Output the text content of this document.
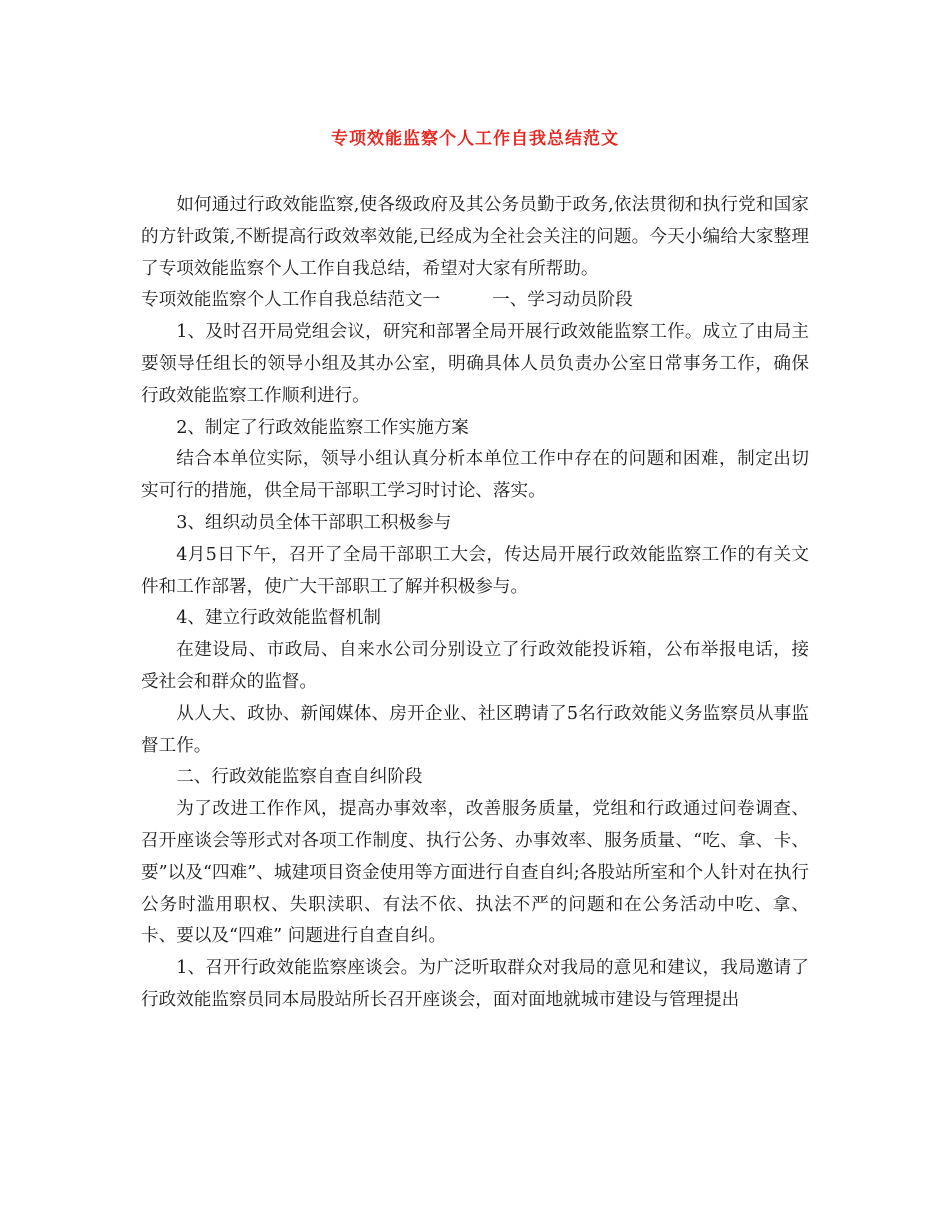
专项效能监察个人工作自我总结范文

如何通过行政效能监察,使各级政府及其公务员勤于政务,依法贯彻和执行党和国家的方针政策,不断提高行政效率效能,已经成为全社会关注的问题。今天小编给大家整理了专项效能监察个人工作自我总结，希望对大家有所帮助。

专项效能监察个人工作自我总结范文一	一、学习动员阶段

1、及时召开局党组会议，研究和部署全局开展行政效能监察工作。成立了由局主要领导任组长的领导小组及其办公室，明确具体人员负责办公室日常事务工作，确保行政效能监察工作顺利进行。

2、制定了行政效能监察工作实施方案

结合本单位实际，领导小组认真分析本单位工作中存在的问题和困难，制定出切实可行的措施，供全局干部职工学习时讨论、落实。

3、组织动员全体干部职工积极参与

4月5日下午，召开了全局干部职工大会，传达局开展行政效能监察工作的有关文件和工作部署，使广大干部职工了解并积极参与。

4、建立行政效能监督机制

在建设局、市政局、自来水公司分别设立了行政效能投诉箱，公布举报电话，接受社会和群众的监督。

从人大、政协、新闻媒体、房开企业、社区聘请了5名行政效能义务监察员从事监督工作。

二、行政效能监察自查自纠阶段

为了改进工作作风，提高办事效率，改善服务质量，党组和行政通过问卷调查、召开座谈会等形式对各项工作制度、执行公务、办事效率、服务质量、“吃、拿、卡、要”以及“四难”、城建项目资金使用等方面进行自查自纠;各股站所室和个人针对在执行公务时滥用职权、失职渎职、有法不依、执法不严的问题和在公务活动中吃、拿、卡、要以及“四难” 问题进行自查自纠。

1、召开行政效能监察座谈会。为广泛听取群众对我局的意见和建议，我局邀请了行政效能监察员同本局股站所长召开座谈会，面对面地就城市建设与管理提出
